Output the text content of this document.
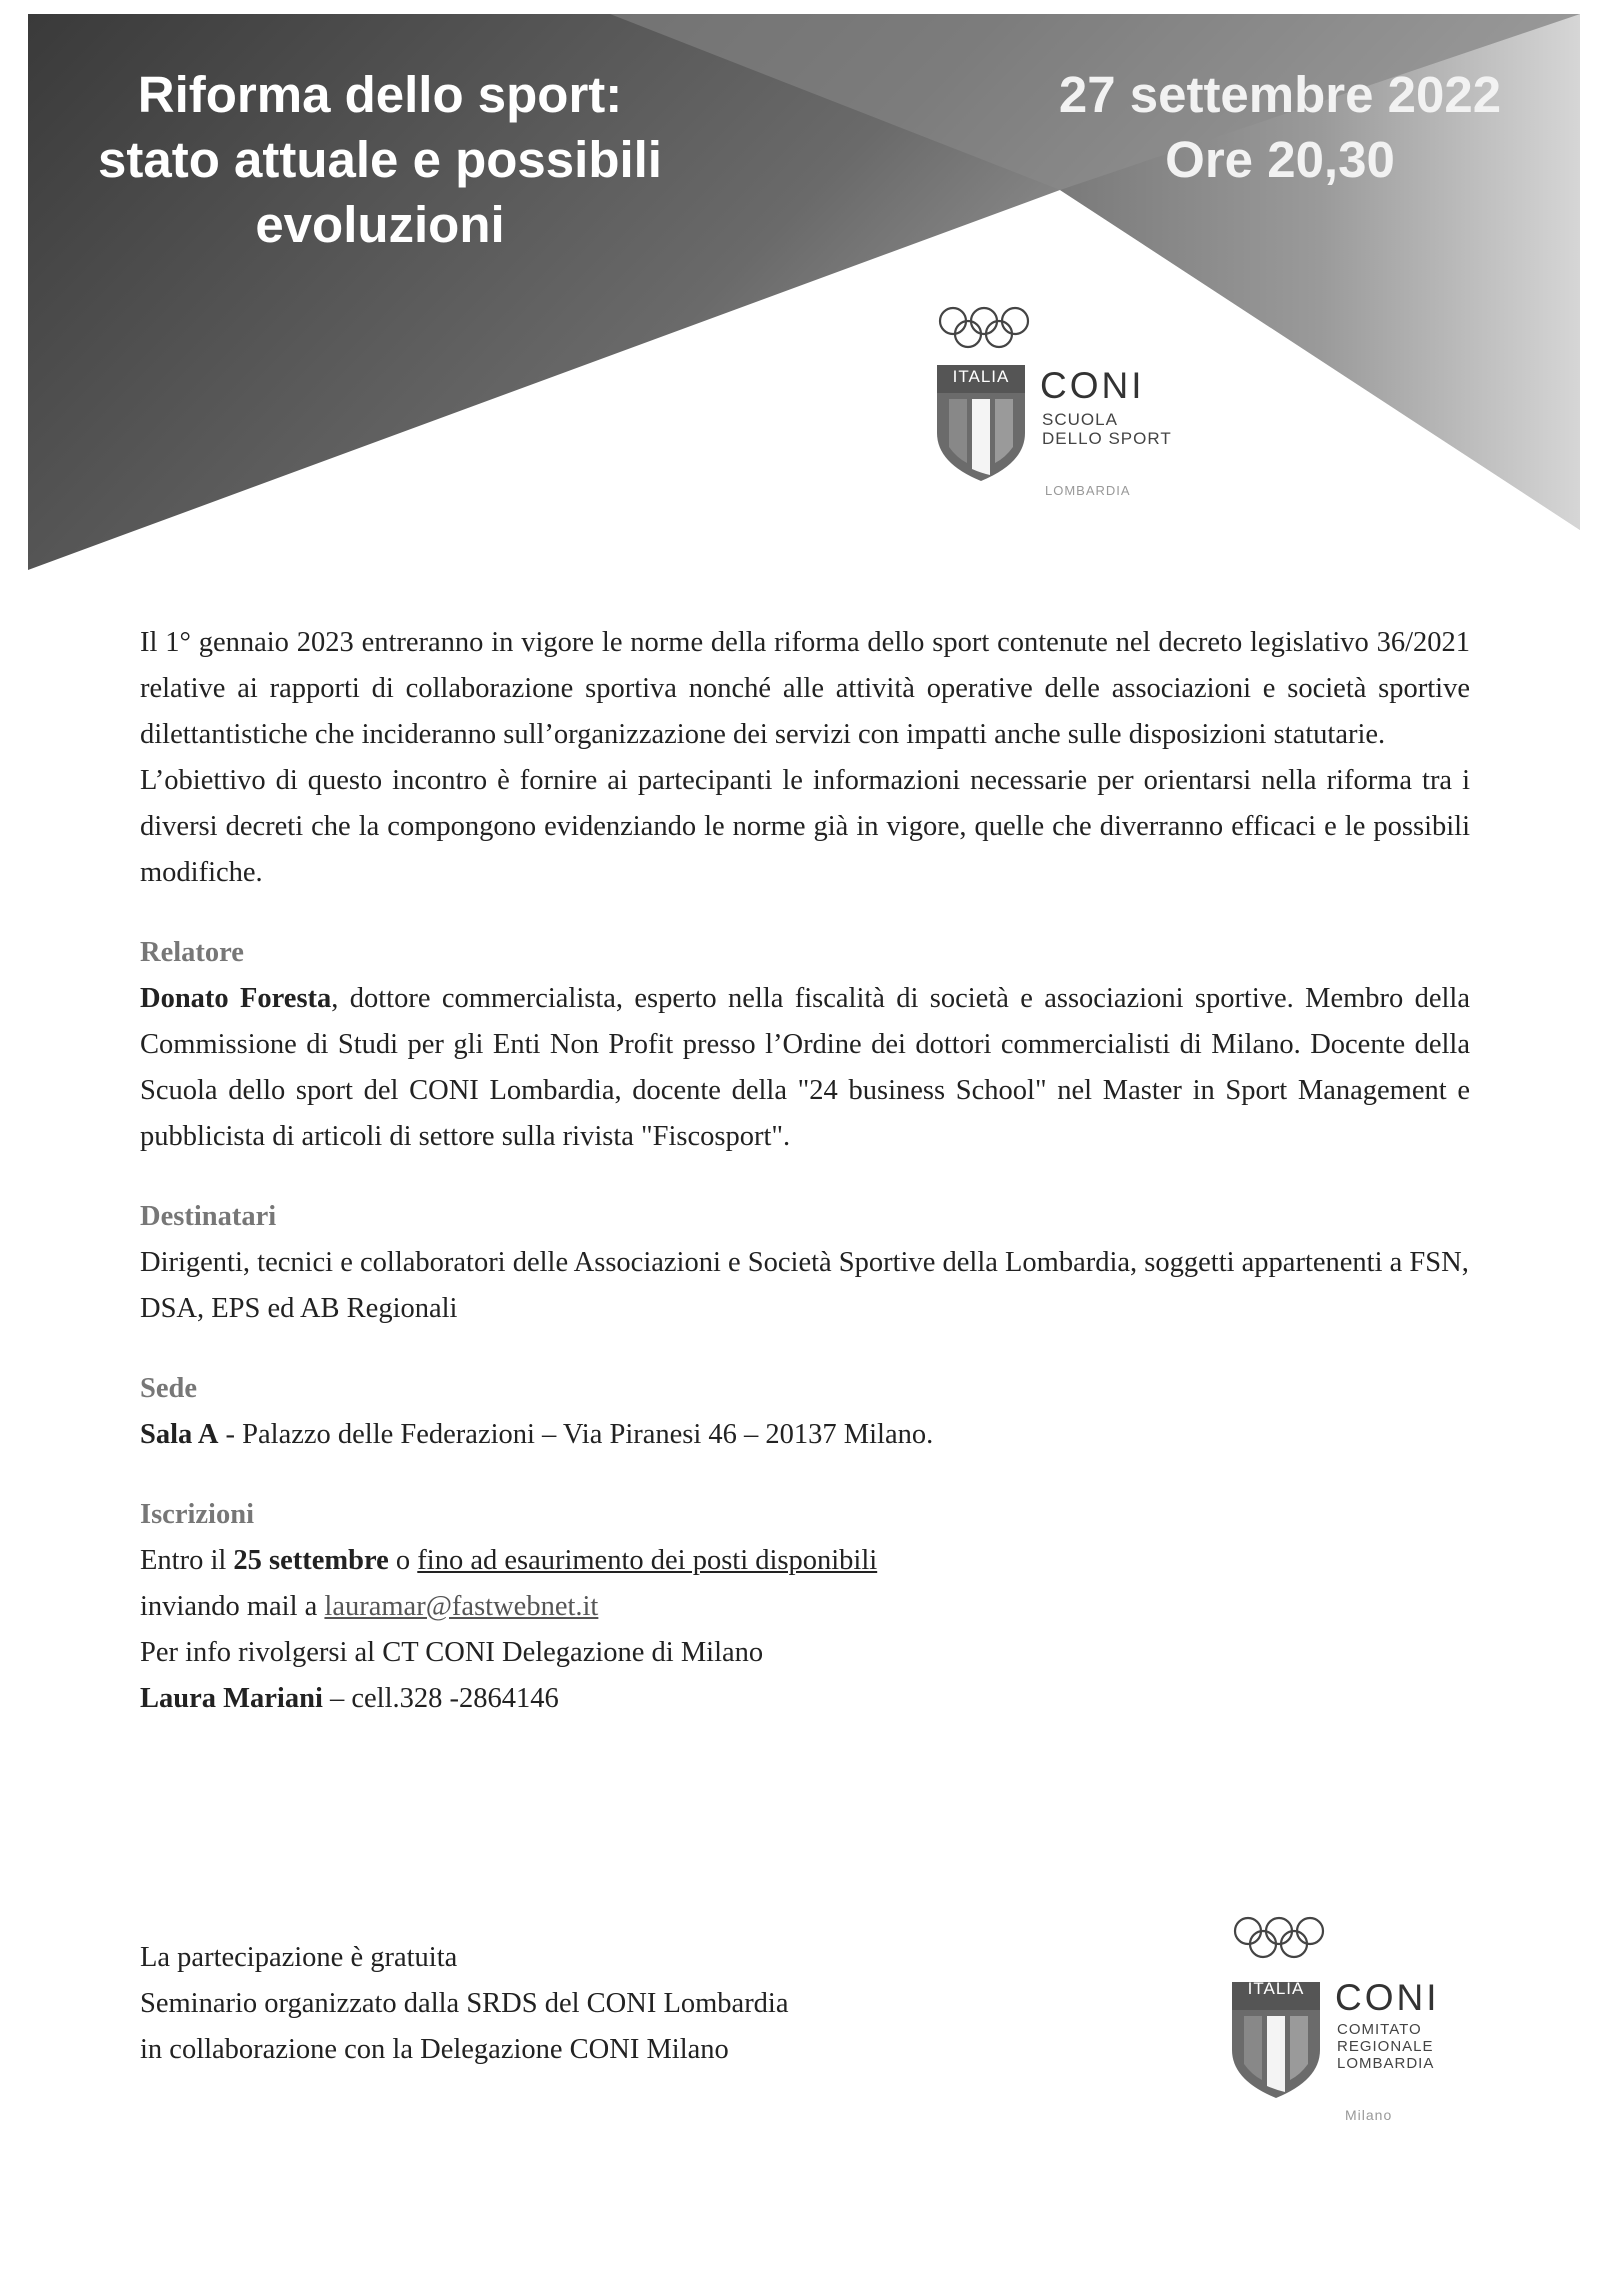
Riforma dello sport:
stato attuale e possibili
evoluzioni
27 settembre 2022
Ore 20,30
ITALIA CONI
SCUOLA
DELLO SPORT
LOMBARDIA

Il 1° gennaio 2023 entreranno in vigore le norme della riforma dello sport contenute nel decreto legislativo 36/2021 relative ai rapporti di collaborazione sportiva nonché alle attività operative delle associazioni e società sportive dilettantistiche che incideranno sull’organizzazione dei servizi con impatti anche sulle disposizioni statutarie.

L’obiettivo di questo incontro è fornire ai partecipanti le informazioni necessarie per orientarsi nella riforma tra i diversi decreti che la compongono evidenziando le norme già in vigore, quelle che diverranno efficaci e le possibili modifiche.

Relatore

Donato Foresta, dottore commercialista, esperto nella fiscalità di società e associazioni sportive. Membro della Commissione di Studi per gli Enti Non Profit presso l’Ordine dei dottori commercialisti di Milano. Docente della Scuola dello sport del CONI Lombardia, docente della "24 business School" nel Master in Sport Management e pubblicista di articoli di settore sulla rivista "Fiscosport".

Destinatari

Dirigenti, tecnici e collaboratori delle Associazioni e Società Sportive della Lombardia, soggetti appartenenti a FSN, DSA, EPS ed AB Regionali

Sede

Sala A - Palazzo delle Federazioni – Via Piranesi 46 – 20137 Milano.

Iscrizioni

Entro il 25 settembre o fino ad esaurimento dei posti disponibili

inviando mail a lauramar@fastwebnet.it

Per info rivolgersi al CT CONI Delegazione di Milano

Laura Mariani – cell.328 -2864146

La partecipazione è gratuita
Seminario organizzato dalla SRDS del CONI Lombardia
in collaborazione con la Delegazione CONI Milano
ITALIA CONI
COMITATO
REGIONALE
LOMBARDIA
Milano
